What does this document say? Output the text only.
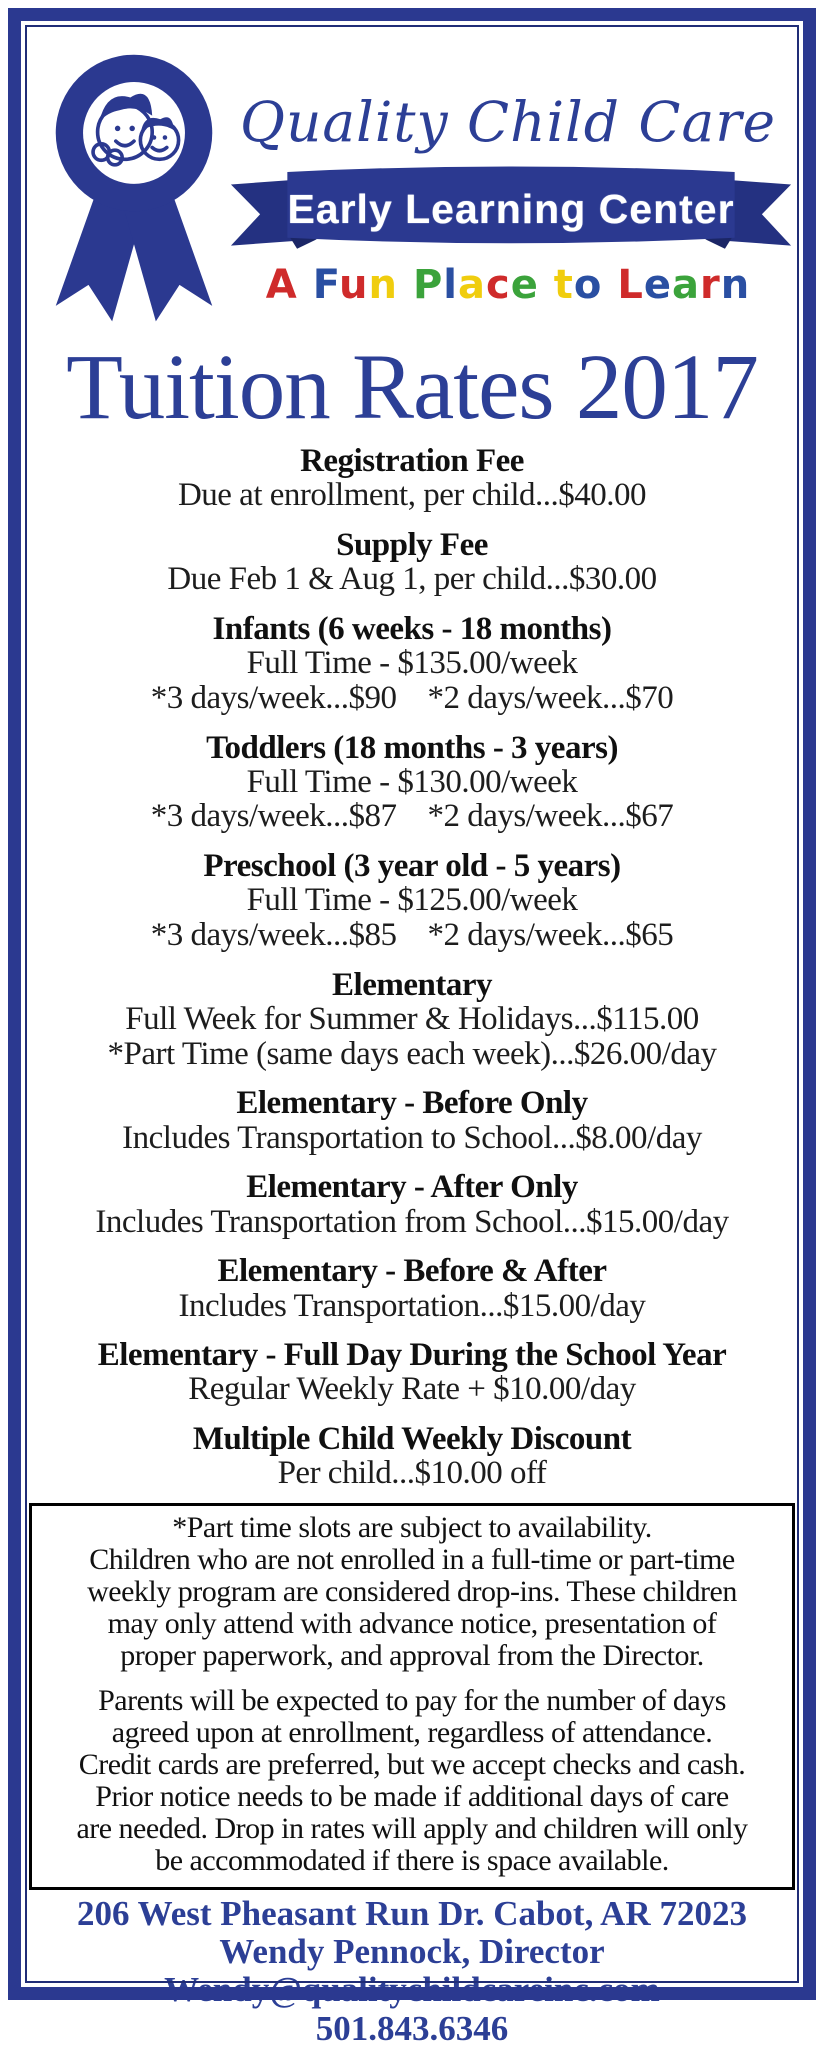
Quality Child Care
Early Learning Center
A Fun Place to Learn
Tuition Rates 2017
Registration Fee
Due at enrollment, per child...$40.00
Supply Fee
Due Feb 1 & Aug 1, per child...$30.00
Infants (6 weeks - 18 months)
Full Time - $135.00/week
*3 days/week...$90    *2 days/week...$70
Toddlers (18 months - 3 years)
Full Time - $130.00/week
*3 days/week...$87    *2 days/week...$67
Preschool (3 year old - 5 years)
Full Time - $125.00/week
*3 days/week...$85    *2 days/week...$65
Elementary
Full Week for Summer & Holidays...$115.00
*Part Time (same days each week)...$26.00/day
Elementary - Before Only
Includes Transportation to School...$8.00/day
Elementary - After Only
Includes Transportation from School...$15.00/day
Elementary - Before & After
Includes Transportation...$15.00/day
Elementary - Full Day During the School Year
Regular Weekly Rate + $10.00/day
Multiple Child Weekly Discount
Per child...$10.00 off
*Part time slots are subject to availability.
Children who are not enrolled in a full-time or part-time
weekly program are considered drop-ins. These children
may only attend with advance notice, presentation of
proper paperwork, and approval from the Director.
Parents will be expected to pay for the number of days
agreed upon at enrollment, regardless of attendance.
Credit cards are preferred, but we accept checks and cash.
Prior notice needs to be made if additional days of care
are needed. Drop in rates will apply and children will only
be accommodated if there is space available.
206 West Pheasant Run Dr. Cabot, AR 72023
Wendy Pennock, Director
Wendy@qualitychildcareinc.com
501.843.6346
